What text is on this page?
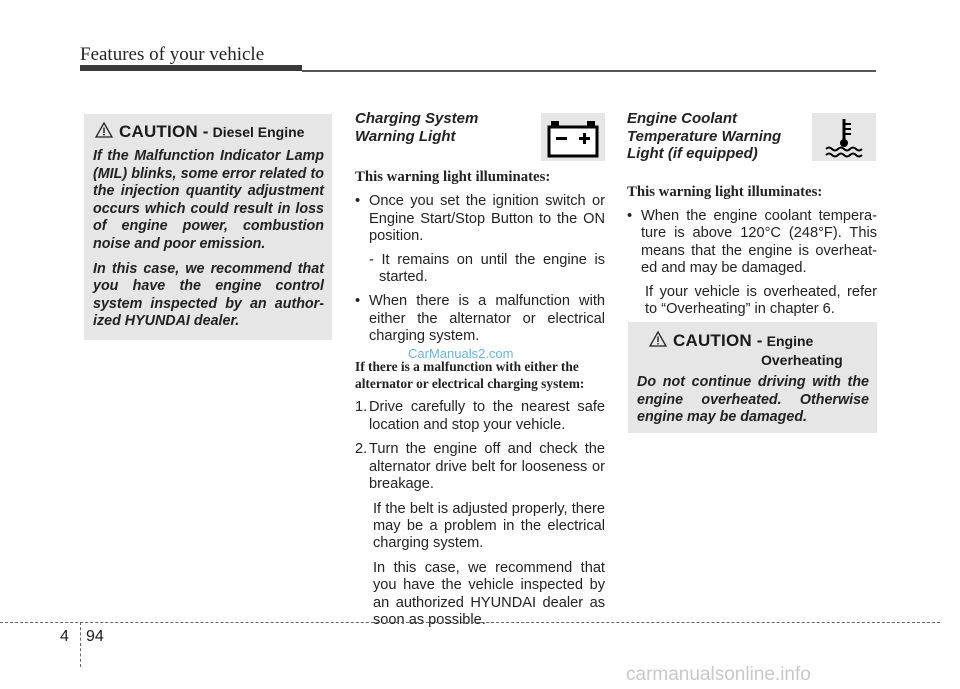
Features of your vehicle
CAUTION - Diesel Engine

If the Malfunction Indicator Lamp (MIL) blinks, some error related to the injection quantity adjustment occurs which could result in loss of engine power, combustion noise and poor emission.

In this case, we recommend that you have the engine control system inspected by an author-ized HYUNDAI dealer.

Charging System
Warning Light
This warning light illuminates:
• Once you set the ignition switch or Engine Start/Stop Button to the ON position.
- It remains on until the engine is started.
• When there is a malfunction with either the alternator or electrical charging system.
If there is a malfunction with either the
alternator or electrical charging system:
1. Drive carefully to the nearest safe location and stop your vehicle.
2. Turn the engine off and check the alternator drive belt for looseness or breakage.
If the belt is adjusted properly, there may be a problem in the electrical charging system.
In this case, we recommend that you have the vehicle inspected by an authorized HYUNDAI dealer as soon as possible.
Engine Coolant
Temperature Warning
Light (if equipped)
This warning light illuminates:
• When the engine coolant tempera-ture is above 120°C (248°F). This means that the engine is overheat-ed and may be damaged.
If your vehicle is overheated, refer to “Overheating” in chapter 6.
CAUTION - Engine
Overheating

Do not continue driving with the engine overheated. Otherwise engine may be damaged.

CarManuals2.com
4 94
carmanualsonline.info
